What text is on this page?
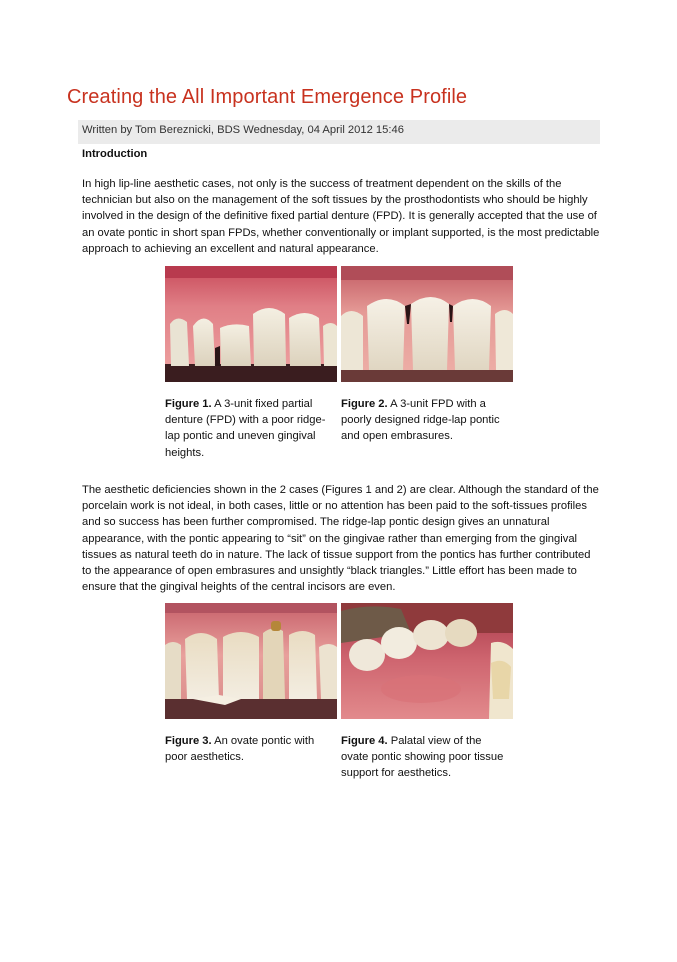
Creating the All Important Emergence Profile
Written by Tom Bereznicki, BDS Wednesday, 04 April 2012 15:46
Introduction

In high lip-line aesthetic cases, not only is the success of treatment dependent on the skills of the technician but also on the management of the soft tissues by the prosthodontists who should be highly involved in the design of the definitive fixed partial denture (FPD). It is generally accepted that the use of an ovate pontic in short span FPDs, whether conventionally or implant supported, is the most predictable approach to achieving an excellent and natural appearance.

Figure 1. A 3-unit fixed partial denture (FPD) with a poor ridge-lap pontic and uneven gingival heights.

Figure 2. A 3-unit FPD with a poorly designed ridge-lap pontic and open embrasures.

The aesthetic deficiencies shown in the 2 cases (Figures 1 and 2) are clear. Although the standard of the porcelain work is not ideal, in both cases, little or no attention has been paid to the soft-tissues profiles and so success has been further compromised. The ridge-lap pontic design gives an unnatural appearance, with the pontic appearing to “sit” on the gingivae rather than emerging from the gingival tissues as natural teeth do in nature. The lack of tissue support from the pontics has further contributed to the appearance of open embrasures and unsightly “black triangles.” Little effort has been made to ensure that the gingival heights of the central incisors are even.

Figure 3. An ovate pontic with poor aesthetics.

Figure 4. Palatal view of the ovate pontic showing poor tissue support for aesthetics.
